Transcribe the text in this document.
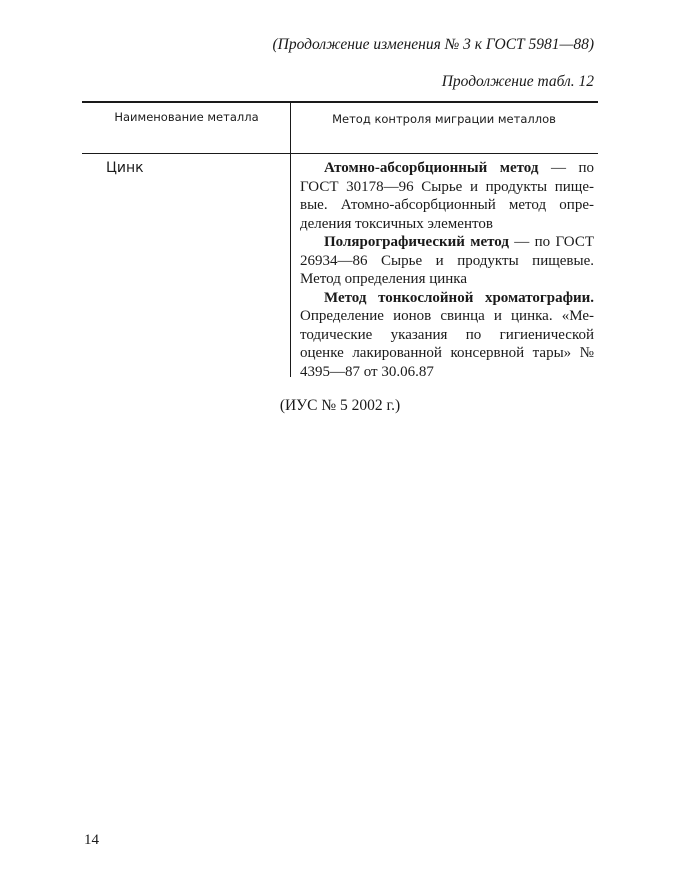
(Продолжение изменения № 3 к ГОСТ 5981—88)
Продолжение табл. 12
Наименование металла	Метод контроля миграции металлов
Цинк	Атомно-абсорбционный метод — по ГОСТ 30178—96 Сырье и продукты пищевые. Атомно-абсорбционный метод определения токсичных элементов

Полярографический метод — по ГОСТ 26934—86 Сырье и продукты пищевые. Метод определения цинка

Метод тонкослойной хроматографии. Определение ионов свинца и цинка. «Методические указания по гигиенической оценке лакированной консервной тары» № 4395—87 от 30.06.87

(ИУС № 5 2002 г.)
14
